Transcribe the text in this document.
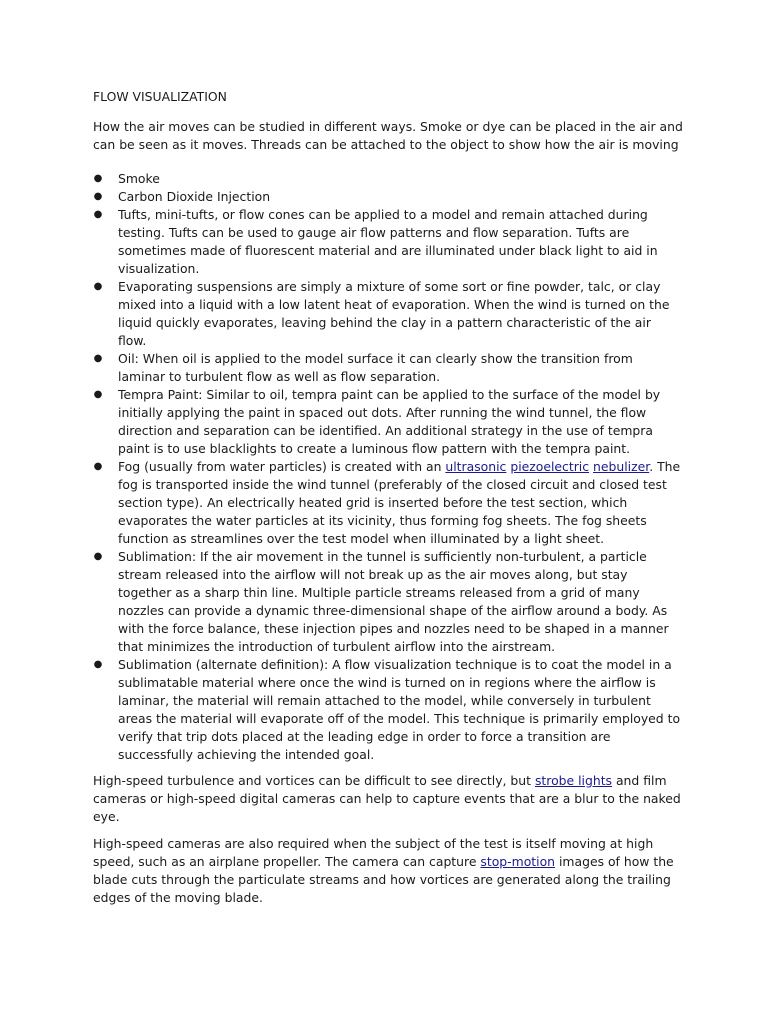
FLOW VISUALIZATION

How the air moves can be studied in different ways. Smoke or dye can be placed in the air and can be seen as it moves. Threads can be attached to the object to show how the air is moving

● Smoke
● Carbon Dioxide Injection
● Tufts, mini-tufts, or flow cones can be applied to a model and remain attached during testing. Tufts can be used to gauge air flow patterns and flow separation. Tufts are sometimes made of fluorescent material and are illuminated under black light to aid in visualization.
● Evaporating suspensions are simply a mixture of some sort or fine powder, talc, or clay mixed into a liquid with a low latent heat of evaporation. When the wind is turned on the liquid quickly evaporates, leaving behind the clay in a pattern characteristic of the air flow.
● Oil: When oil is applied to the model surface it can clearly show the transition from laminar to turbulent flow as well as flow separation.
● Tempra Paint: Similar to oil, tempra paint can be applied to the surface of the model by initially applying the paint in spaced out dots. After running the wind tunnel, the flow direction and separation can be identified. An additional strategy in the use of tempra paint is to use blacklights to create a luminous flow pattern with the tempra paint.
● Fog (usually from water particles) is created with an ultrasonic piezoelectric nebulizer. The fog is transported inside the wind tunnel (preferably of the closed circuit and closed test section type). An electrically heated grid is inserted before the test section, which evaporates the water particles at its vicinity, thus forming fog sheets. The fog sheets function as streamlines over the test model when illuminated by a light sheet.
● Sublimation: If the air movement in the tunnel is sufficiently non-turbulent, a particle stream released into the airflow will not break up as the air moves along, but stay together as a sharp thin line. Multiple particle streams released from a grid of many nozzles can provide a dynamic three-dimensional shape of the airflow around a body. As with the force balance, these injection pipes and nozzles need to be shaped in a manner that minimizes the introduction of turbulent airflow into the airstream.
● Sublimation (alternate definition): A flow visualization technique is to coat the model in a sublimatable material where once the wind is turned on in regions where the airflow is laminar, the material will remain attached to the model, while conversely in turbulent areas the material will evaporate off of the model. This technique is primarily employed to verify that trip dots placed at the leading edge in order to force a transition are successfully achieving the intended goal.

High-speed turbulence and vortices can be difficult to see directly, but strobe lights and film cameras or high-speed digital cameras can help to capture events that are a blur to the naked eye.

High-speed cameras are also required when the subject of the test is itself moving at high speed, such as an airplane propeller. The camera can capture stop-motion images of how the blade cuts through the particulate streams and how vortices are generated along the trailing edges of the moving blade.
